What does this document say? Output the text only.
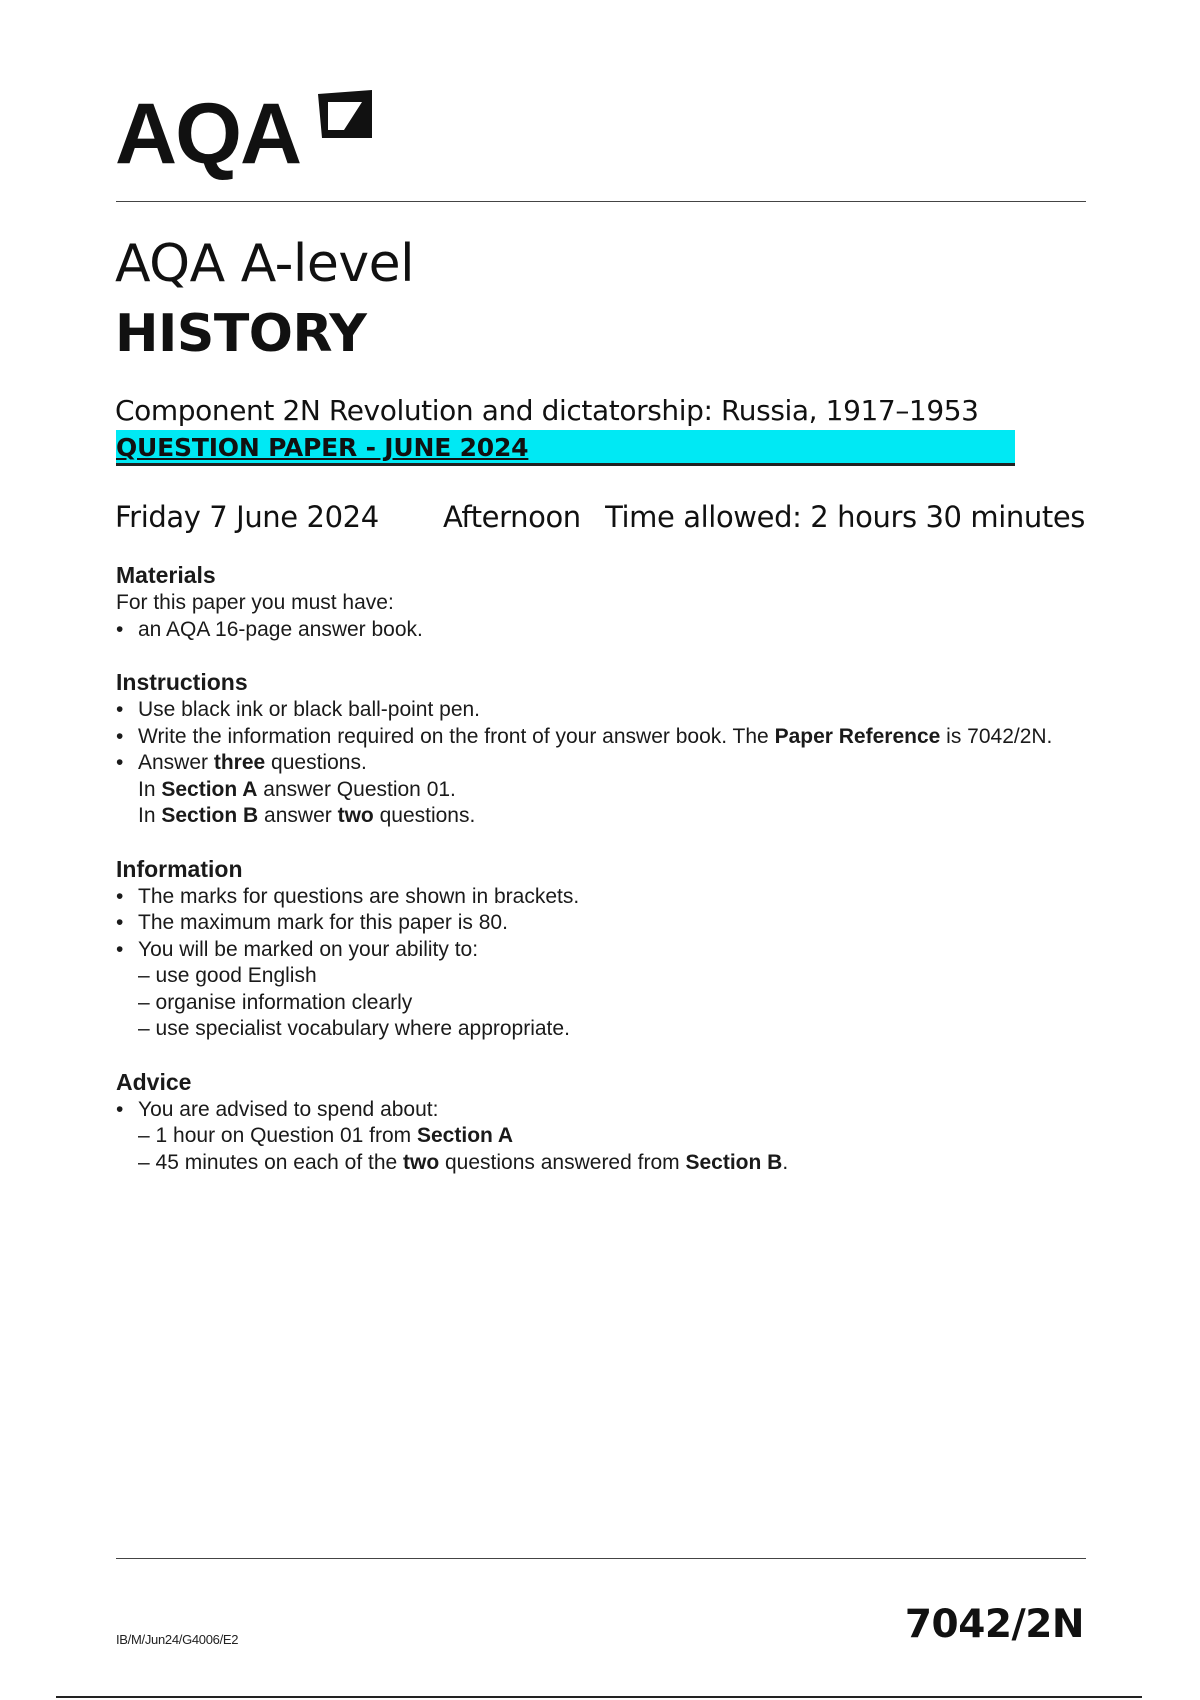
AQA
AQA A-level
HISTORY
Component 2N Revolution and dictatorship: Russia, 1917–1953
QUESTION PAPER - JUNE 2024
Friday 7 June 2024 Afternoon Time allowed: 2 hours 30 minutes
Materials
For this paper you must have:
• an AQA 16-page answer book.
Instructions
• Use black ink or black ball-point pen.
• Write the information required on the front of your answer book. The Paper Reference is 7042/2N.
• Answer three questions.
In Section A answer Question 01.
In Section B answer two questions.
Information
• The marks for questions are shown in brackets.
• The maximum mark for this paper is 80.
• You will be marked on your ability to:
– use good English
– organise information clearly
– use specialist vocabulary where appropriate.
Advice
• You are advised to spend about:
– 1 hour on Question 01 from Section A
– 45 minutes on each of the two questions answered from Section B.
IB/M/Jun24/G4006/E2	7042/2N
